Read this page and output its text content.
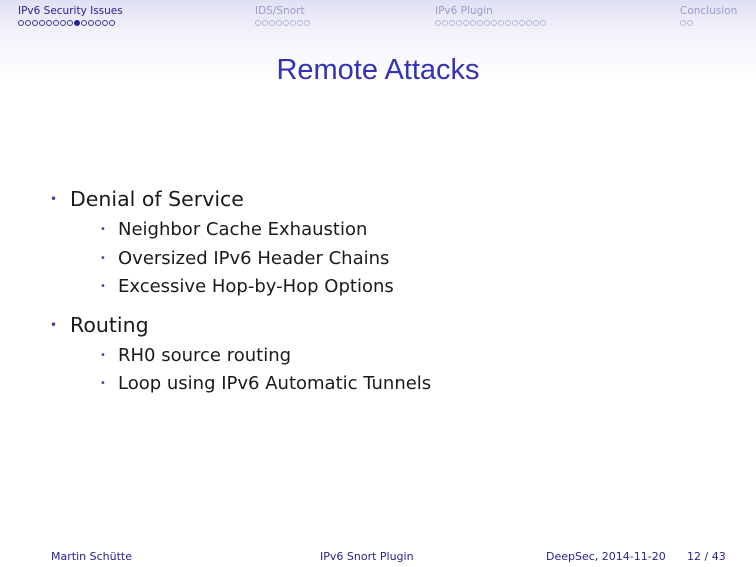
IPv6 Security Issues	IDS/Snort	IPv6 Plugin	Conclusion
Remote Attacks
• Denial of Service
• Neighbor Cache Exhaustion
• Oversized IPv6 Header Chains
• Excessive Hop-by-Hop Options
• Routing
• RH0 source routing
• Loop using IPv6 Automatic Tunnels
Martin Schütte	IPv6 Snort Plugin	DeepSec, 2014-11-20 12 / 43
